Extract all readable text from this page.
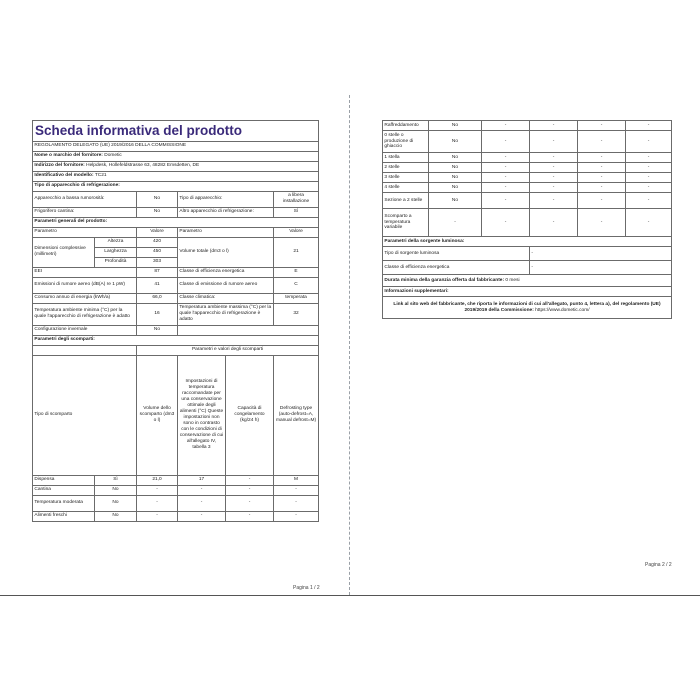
Scheda informativa del prodotto					
REGOLAMENTO DELEGATO (UE) 2019/2016 DELLA COMMISSIONE					
Nome o marchio del fornitore: Dometic					
Indirizzo del fornitore: Helpdesk, Hollefeldstrasse 63, 48282 Emsdetten, DE					
Identificativo del modello: TC21					
Tipo di apparecchio di refrigerazione:					
Apparecchio a bassa rumorosità:		No	Tipo di apparecchio:		a libera installazione
Frigorifero cantina:		No	Altro apparecchio di refrigerazione:		Sì
Parametri generali del prodotto:					
Parametro		Valore	Parametro		Valore
Dimensioni complessive (millimetri)	Altezza	420	Volume totale (dm3 o l)		21
	Larghezza	450			
	Profondità	303			
EEI		87	Classe di efficienza energetica		E
Emissioni di rumore aereo (dB(A) re 1 pW)		41	Classe di emissione di rumore aereo		C
Consumo annuo di energia (kWh/a)		66,0	Classe climatica:		temperata
Temperatura ambiente minima (°C) per la quale l'apparecchio di refrigerazione è adatto		16	Temperatura ambiente massima (°C) per la quale l'apparecchio di refrigerazione è adatto		32
Configurazione invernale		No			
Parametri degli scomparti:					
		Parametri e valori degli scomparti			
Tipo di scomparto		Volume dello scomparto (dm3 o l)	Impostazioni di temperatura raccomandate per una conservazione ottimale degli alimenti (°C) Queste impostazioni non sono in contrasto con le condizioni di conservazione di cui all'allegato IV, tabella 3	Capacità di congelamento (kg/24 h)	Defrosting type (auto-defrost=A, manual defrost=M)
Dispensa	Sì	21,0	17	-	M
Cantina	No	-	-	-	-
Temperatura moderata	No	-	-	-	-
Alimenti freschi	No	-	-	-	-
Pagina 1 / 2
Raffreddamento	No	-	-	-	-
0 stelle o produzione di ghiaccio	No	-	-	-	-
1 stella	No	-	-	-	-
2 stelle	No	-	-	-	-
3 stelle	No	-	-	-	-
4 stelle	No	-	-	-	-
Sezione a 2 stelle	No	-	-	-	-
Scomparto a temperatura variabile	-	-	-	-	-
Parametri della sorgente luminosa:					
Tipo di sorgente luminosa			-		
Classe di efficienza energetica			-		
Durata minima della garanzia offerta dal fabbricante: 0 mesi					
Informazioni supplementari:					
Link al sito web del fabbricante, che riporta le informazioni di cui all'allegato, punto 4, lettera a), del regolamento (UE) 2019/2019 della Commissione: https://www.dometic.com/					
Pagina 2 / 2
